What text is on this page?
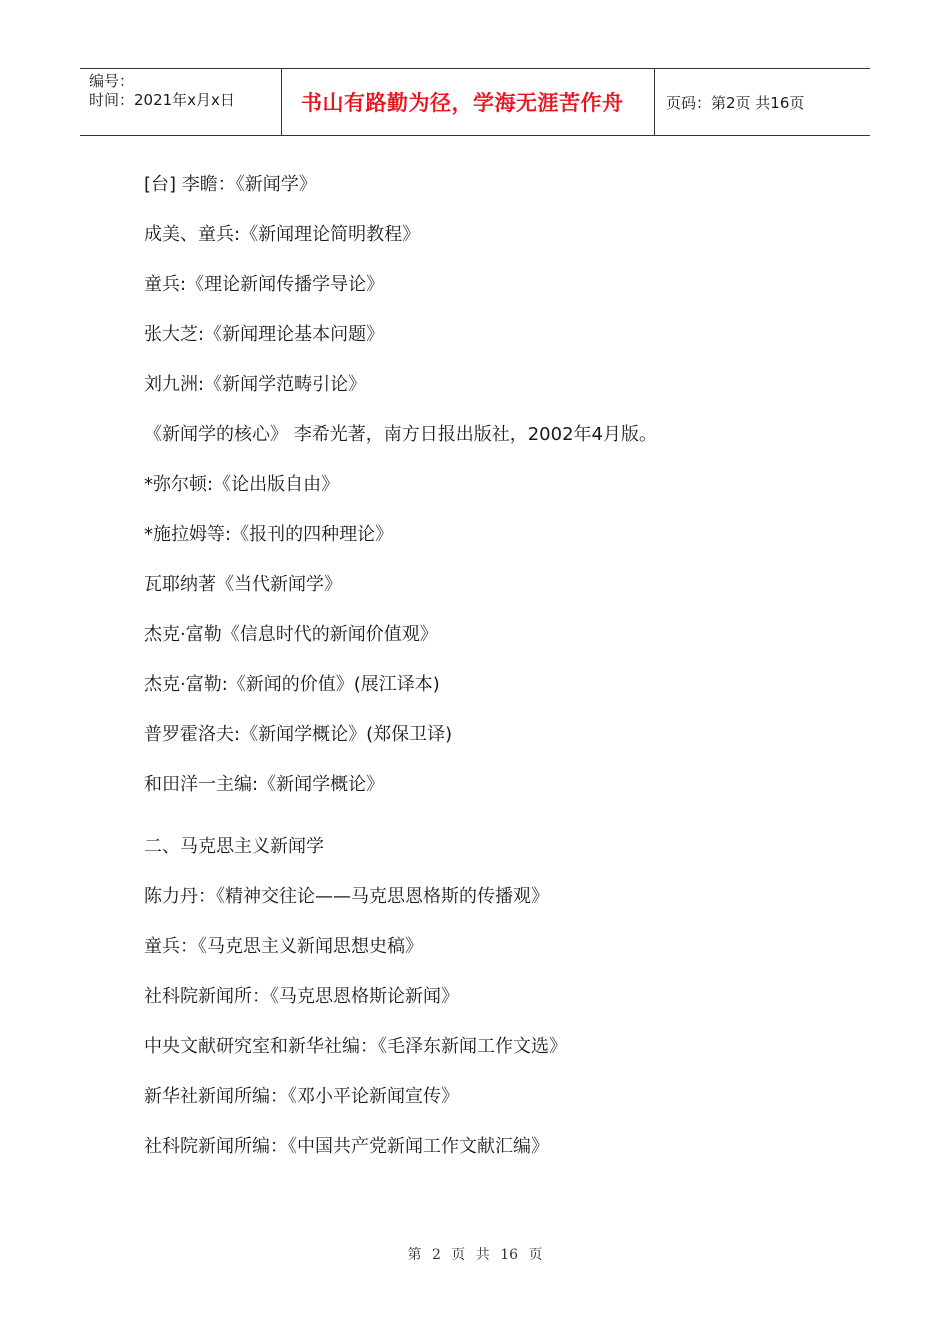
编号：
时间：2021年x月x日	书山有路勤为径，学海无涯苦作舟	页码：第2页 共16页
[台] 李瞻：《新闻学》
成美、童兵:《新闻理论简明教程》
童兵:《理论新闻传播学导论》
张大芝:《新闻理论基本问题》
刘九洲:《新闻学范畴引论》
《新闻学的核心》 李希光著，南方日报出版社，2002年4月版。
*弥尔顿:《论出版自由》
*施拉姆等:《报刊的四种理论》
瓦耶纳著《当代新闻学》
杰克·富勒《信息时代的新闻价值观》
杰克·富勒:《新闻的价值》(展江译本)
普罗霍洛夫:《新闻学概论》(郑保卫译)
和田洋一主编:《新闻学概论》
二、马克思主义新闻学
陈力丹：《精神交往论——马克思恩格斯的传播观》
童兵：《马克思主义新闻思想史稿》
社科院新闻所：《马克思恩格斯论新闻》
中央文献研究室和新华社编：《毛泽东新闻工作文选》
新华社新闻所编：《邓小平论新闻宣传》
社科院新闻所编：《中国共产党新闻工作文献汇编》
第 2 页 共 16 页
